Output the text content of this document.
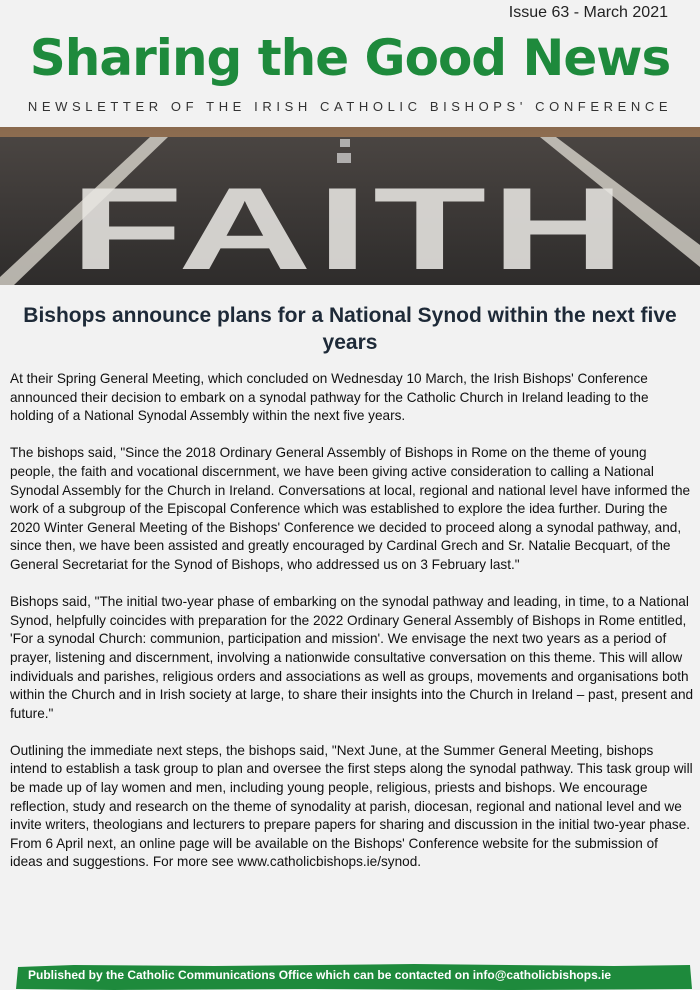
Issue 63 - March 2021
Sharing the Good News
NEWSLETTER OF THE IRISH CATHOLIC BISHOPS' CONFERENCE
FAITH
Bishops announce plans for a National Synod within the next five years

At their Spring General Meeting, which concluded on Wednesday 10 March, the Irish Bishops' Conference announced their decision to embark on a synodal pathway for the Catholic Church in Ireland leading to the holding of a National Synodal Assembly within the next five years.

The bishops said, "Since the 2018 Ordinary General Assembly of Bishops in Rome on the theme of young people, the faith and vocational discernment, we have been giving active consideration to calling a National Synodal Assembly for the Church in Ireland. Conversations at local, regional and national level have informed the work of a subgroup of the Episcopal Conference which was established to explore the idea further. During the 2020 Winter General Meeting of the Bishops' Conference we decided to proceed along a synodal pathway, and, since then, we have been assisted and greatly encouraged by Cardinal Grech and Sr. Natalie Becquart, of the General Secretariat for the Synod of Bishops, who addressed us on 3 February last."

Bishops said, "The initial two-year phase of embarking on the synodal pathway and leading, in time, to a National Synod, helpfully coincides with preparation for the 2022 Ordinary General Assembly of Bishops in Rome entitled, 'For a synodal Church: communion, participation and mission'. We envisage the next two years as a period of prayer, listening and discernment, involving a nationwide consultative conversation on this theme. This will allow individuals and parishes, religious orders and associations as well as groups, movements and organisations both within the Church and in Irish society at large, to share their insights into the Church in Ireland – past, present and future."

Outlining the immediate next steps, the bishops said, "Next June, at the Summer General Meeting, bishops intend to establish a task group to plan and oversee the first steps along the synodal pathway. This task group will be made up of lay women and men, including young people, religious, priests and bishops. We encourage reflection, study and research on the theme of synodality at parish, diocesan, regional and national level and we invite writers, theologians and lecturers to prepare papers for sharing and discussion in the initial two-year phase. From 6 April next, an online page will be available on the Bishops' Conference website for the submission of ideas and suggestions. For more see www.catholicbishops.ie/synod.

Published by the Catholic Communications Office which can be contacted on info@catholicbishops.ie
